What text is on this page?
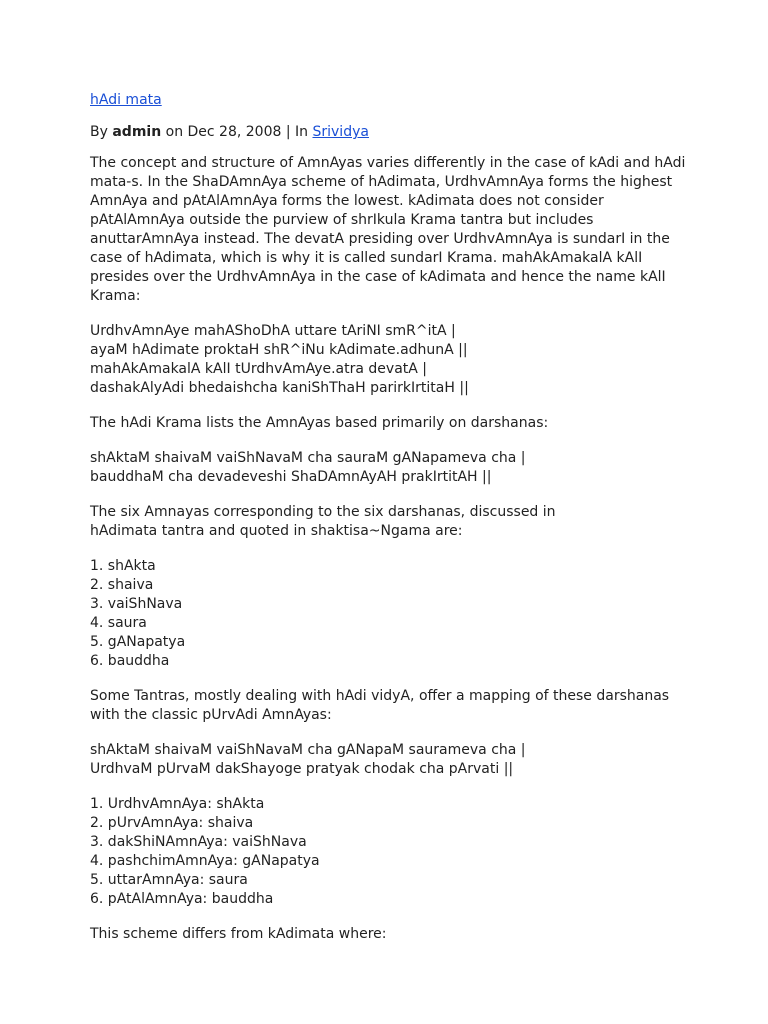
hAdi mata
By admin on Dec 28, 2008 | In Srividya

The concept and structure of AmnAyas varies differently in the case of kAdi and hAdi mata-s. In the ShaDAmnAya scheme of hAdimata, UrdhvAmnAya forms the highest AmnAya and pAtAlAmnAya forms the lowest. kAdimata does not consider pAtAlAmnAya outside the purview of shrIkula Krama tantra but includes anuttarAmnAya instead. The devatA presiding over UrdhvAmnAya is sundarI in the case of hAdimata, which is why it is called sundarI Krama. mahAkAmakalA kAlI presides over the UrdhvAmnAya in the case of kAdimata and hence the name kAlI Krama:

UrdhvAmnAye mahAShoDhA uttare tAriNI smR^itA |
ayaM hAdimate proktaH shR^iNu kAdimate.adhunA ||
mahAkAmakalA kAlI tUrdhvAmAye.atra devatA |
dashakAlyAdi bhedaishcha kaniShThaH parirkIrtitaH ||

The hAdi Krama lists the AmnAyas based primarily on darshanas:

shAktaM shaivaM vaiShNavaM cha sauraM gANapameva cha |
bauddhaM cha devadeveshi ShaDAmnAyAH prakIrtitAH ||

The six Amnayas corresponding to the six darshanas, discussed in
hAdimata tantra and quoted in shaktisa~Ngama are:

1. shAkta
2. shaiva
3. vaiShNava
4. saura
5. gANapatya
6. bauddha

Some Tantras, mostly dealing with hAdi vidyA, offer a mapping of these darshanas with the classic pUrvAdi AmnAyas:

shAktaM shaivaM vaiShNavaM cha gANapaM saurameva cha |
UrdhvaM pUrvaM dakShayoge pratyak chodak cha pArvati ||
1. UrdhvAmnAya: shAkta
2. pUrvAmnAya: shaiva
3. dakShiNAmnAya: vaiShNava
4. pashchimAmnAya: gANapatya
5. uttarAmnAya: saura
6. pAtAlAmnAya: bauddha

This scheme differs from kAdimata where:
